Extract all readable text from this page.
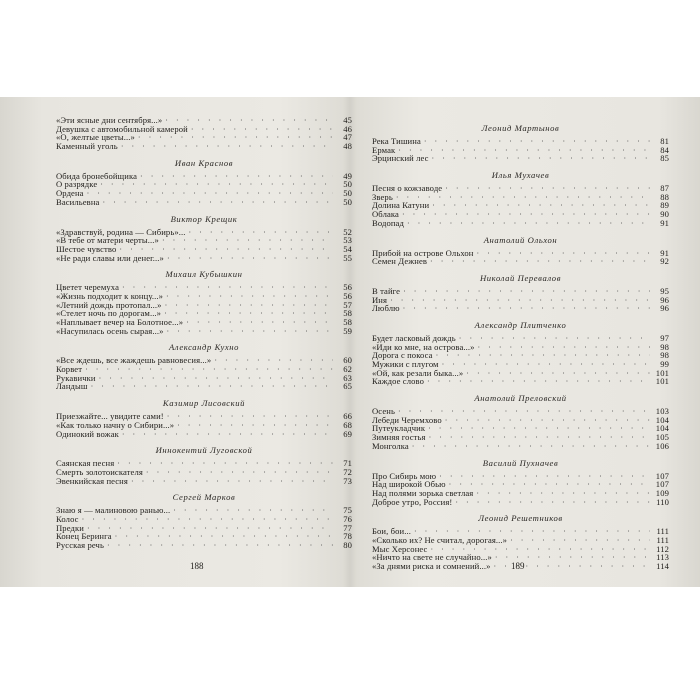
«Эти ясные дни сентября...» · · ·	45
Девушка с автомобильной камерой · · ·	46
«О, желтые цветы...» · · ·	47
Каменный уголь · · ·	48
Иван Краснов
Обида бронебойщика · · ·	49
О разрядке · · ·	50
Ордена · · ·	50
Васильевна · · ·	50
Виктор Крещик
«Здравствуй, родина — Сибирь»... · · ·	52
«В тебе от матери черты...» · · ·	53
Шестое чувство · · ·	54
«Не ради славы или денег...» · · ·	55
Михаил Кубышкин
Цветет черемуха · · ·	56
«Жизнь подходит к концу...» · · ·	56
«Летний дождь протопал...» · · ·	57
«Стелет ночь по дорогам...» · · ·	58
«Наплывает вечер на Болотное...» · · ·	58
«Насупилась осень сырая...» · · ·	59
Александр Кухно
«Все ждешь, все жаждешь равновесия...» · · ·	60
Корвет · · ·	62
Рукавички · · ·	63
Ландыш · · ·	65
Казимир Лисовский
Приезжайте... увидите сами! · · ·	66
«Как только начну о Сибири...» · · ·	68
Одинокий вожак · · ·	69
Иннокентий Луговской
Саянская песня · · ·	71
Смерть золотоискателя · · ·	72
Эвенкийская песня · · ·	73
Сергей Марков
Знаю я — малиновою ранью... · · ·	75
Колос · · ·	76
Предки · · ·	77
Конец Беринга · · ·	78
Русская речь · · ·	80
Леонид Мартынов
Река Тишина · · ·	81
Ермак · · ·	84
Эрцинский лес · · ·	85
Илья Мухачев
Песня о кожзаводе · · ·	87
Зверь · · ·	88
Долина Катуни · · ·	89
Облака · · ·	90
Водопад · · ·	91
Анатолий Ольхон
Прибой на острове Ольхон · · ·	91
Семен Дежнев · · ·	92
Николай Перевалов
В тайге · · ·	95
Иня · · ·	96
Люблю · · ·	96
Александр Плитченко
Будет ласковый дождь · · ·	97
«Иди ко мне, на острова...» · · ·	98
Дорога с покоса · · ·	98
Мужики с плугом · · ·	99
«Ой, как резали быка...» · · ·	101
Каждое слово · · ·	101
Анатолий Преловский
Осень · · ·	103
Лебеди Черемхово · · ·	104
Путеукладчик · · ·	104
Зимняя гостья · · ·	105
Монголка · · ·	106
Василий Пухначев
Про Сибирь мою · · ·	107
Над широкой Обью · · ·	107
Над полями зорька светлая · · ·	109
Доброе утро, Россия! · · ·	110
Леонид Решетников
Бои, бои... · · ·	111
«Сколько их? Не считал, дорогая...» · · ·	111
Мыс Херсонес · · ·	112
«Ничто на свете не случайно...» · · ·	113
«За днями риска и сомнений...» · · ·	114
188	189
